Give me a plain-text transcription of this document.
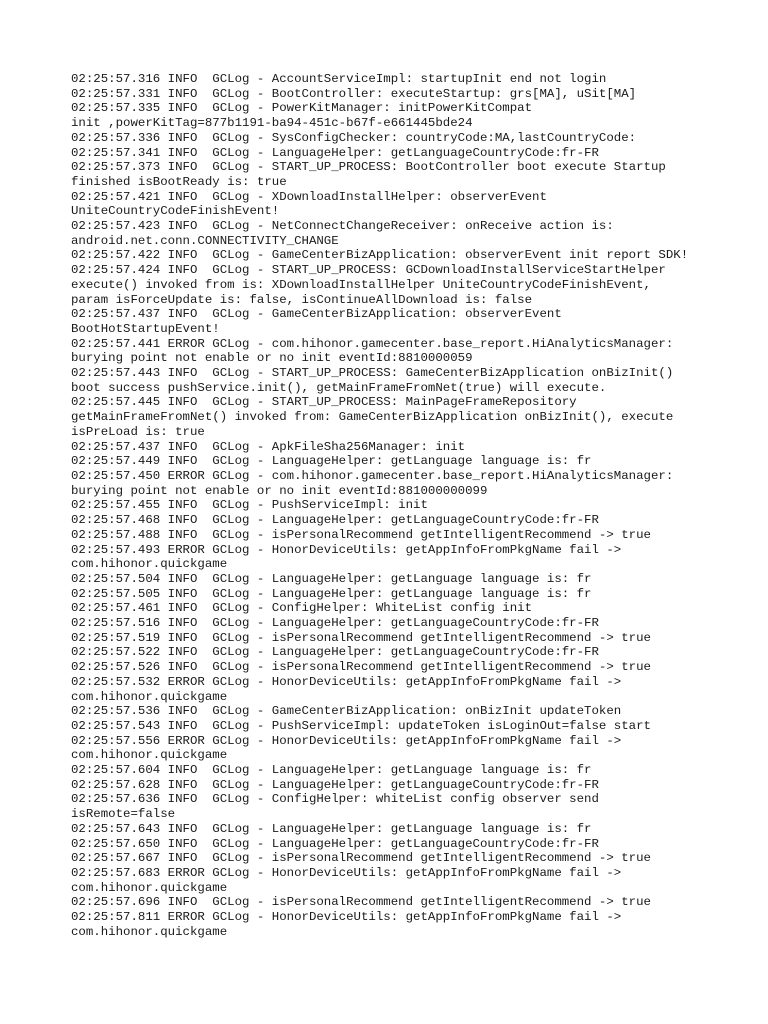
02:25:57.316 INFO  GCLog - AccountServiceImpl: startupInit end not login
02:25:57.331 INFO  GCLog - BootController: executeStartup: grs[MA], uSit[MA]
02:25:57.335 INFO  GCLog - PowerKitManager: initPowerKitCompat
init ,powerKitTag=877b1191-ba94-451c-b67f-e661445bde24
02:25:57.336 INFO  GCLog - SysConfigChecker: countryCode:MA,lastCountryCode:
02:25:57.341 INFO  GCLog - LanguageHelper: getLanguageCountryCode:fr-FR
02:25:57.373 INFO  GCLog - START_UP_PROCESS: BootController boot execute Startup
finished isBootReady is: true
02:25:57.421 INFO  GCLog - XDownloadInstallHelper: observerEvent
UniteCountryCodeFinishEvent!
02:25:57.423 INFO  GCLog - NetConnectChangeReceiver: onReceive action is:
android.net.conn.CONNECTIVITY_CHANGE
02:25:57.422 INFO  GCLog - GameCenterBizApplication: observerEvent init report SDK!
02:25:57.424 INFO  GCLog - START_UP_PROCESS: GCDownloadInstallServiceStartHelper
execute() invoked from is: XDownloadInstallHelper UniteCountryCodeFinishEvent,
param isForceUpdate is: false, isContinueAllDownload is: false
02:25:57.437 INFO  GCLog - GameCenterBizApplication: observerEvent
BootHotStartupEvent!
02:25:57.441 ERROR GCLog - com.hihonor.gamecenter.base_report.HiAnalyticsManager:
burying point not enable or no init eventId:8810000059
02:25:57.443 INFO  GCLog - START_UP_PROCESS: GameCenterBizApplication onBizInit()
boot success pushService.init(), getMainFrameFromNet(true) will execute.
02:25:57.445 INFO  GCLog - START_UP_PROCESS: MainPageFrameRepository
getMainFrameFromNet() invoked from: GameCenterBizApplication onBizInit(), execute
isPreLoad is: true
02:25:57.437 INFO  GCLog - ApkFileSha256Manager: init
02:25:57.449 INFO  GCLog - LanguageHelper: getLanguage language is: fr
02:25:57.450 ERROR GCLog - com.hihonor.gamecenter.base_report.HiAnalyticsManager:
burying point not enable or no init eventId:881000000099
02:25:57.455 INFO  GCLog - PushServiceImpl: init
02:25:57.468 INFO  GCLog - LanguageHelper: getLanguageCountryCode:fr-FR
02:25:57.488 INFO  GCLog - isPersonalRecommend getIntelligentRecommend -> true
02:25:57.493 ERROR GCLog - HonorDeviceUtils: getAppInfoFromPkgName fail ->
com.hihonor.quickgame
02:25:57.504 INFO  GCLog - LanguageHelper: getLanguage language is: fr
02:25:57.505 INFO  GCLog - LanguageHelper: getLanguage language is: fr
02:25:57.461 INFO  GCLog - ConfigHelper: WhiteList config init
02:25:57.516 INFO  GCLog - LanguageHelper: getLanguageCountryCode:fr-FR
02:25:57.519 INFO  GCLog - isPersonalRecommend getIntelligentRecommend -> true
02:25:57.522 INFO  GCLog - LanguageHelper: getLanguageCountryCode:fr-FR
02:25:57.526 INFO  GCLog - isPersonalRecommend getIntelligentRecommend -> true
02:25:57.532 ERROR GCLog - HonorDeviceUtils: getAppInfoFromPkgName fail ->
com.hihonor.quickgame
02:25:57.536 INFO  GCLog - GameCenterBizApplication: onBizInit updateToken
02:25:57.543 INFO  GCLog - PushServiceImpl: updateToken isLoginOut=false start
02:25:57.556 ERROR GCLog - HonorDeviceUtils: getAppInfoFromPkgName fail ->
com.hihonor.quickgame
02:25:57.604 INFO  GCLog - LanguageHelper: getLanguage language is: fr
02:25:57.628 INFO  GCLog - LanguageHelper: getLanguageCountryCode:fr-FR
02:25:57.636 INFO  GCLog - ConfigHelper: whiteList config observer send
isRemote=false
02:25:57.643 INFO  GCLog - LanguageHelper: getLanguage language is: fr
02:25:57.650 INFO  GCLog - LanguageHelper: getLanguageCountryCode:fr-FR
02:25:57.667 INFO  GCLog - isPersonalRecommend getIntelligentRecommend -> true
02:25:57.683 ERROR GCLog - HonorDeviceUtils: getAppInfoFromPkgName fail ->
com.hihonor.quickgame
02:25:57.696 INFO  GCLog - isPersonalRecommend getIntelligentRecommend -> true
02:25:57.811 ERROR GCLog - HonorDeviceUtils: getAppInfoFromPkgName fail ->
com.hihonor.quickgame
